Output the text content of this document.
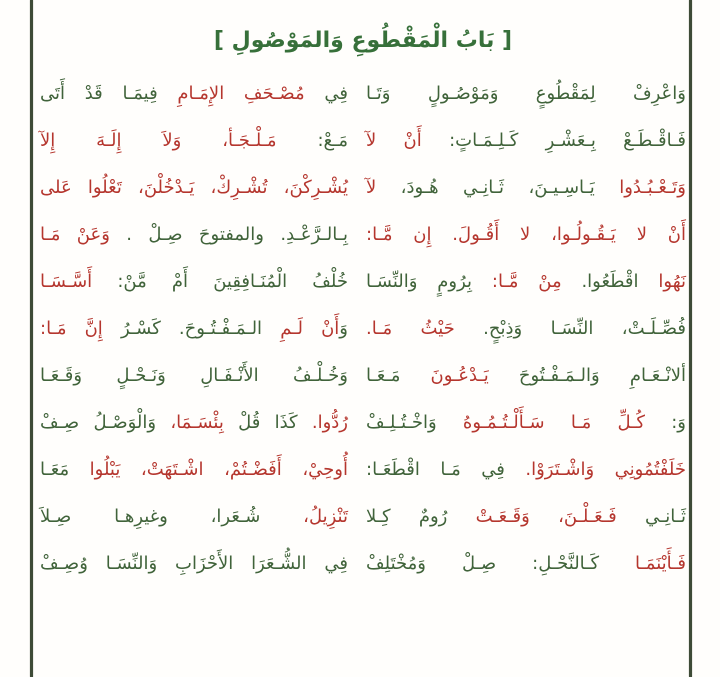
[ بَابُ الْمَقْطُوعِ وَالمَوْصُولِ ]
وَاعْرِفْ لِمَقْطُوعٍ وَمَوْصُـولٍ وَتَـا
فِي مُصْـحَفِ الإِمَـامِ فِيمَـا قَدْ أَتَى
فَـاقْـطَـعْ بِـعَشْـرِ كَـلِـمَـاتٍ: أَنْ لآ
مَـعْ: مَـلْـجَـأ، وَلاَ إِلَـهَ إِلآ
وَتَـعْـبُـدُوا يَـاسِـيـنَ، ثَـانِـي هُـودَ، لآ
يُشْـرِكْنَ، تُشْـرِكْ، يَـدْخُلْنَ، تَعْلُوا عَلى
أَنْ لا يَـقُـولُـوا، لا أَقُـولَ. إِن مَّـا:
بِـالـرَّعْـدِ. والمفتوحَ صِـلْ . وَعَنْ مَـا
نَهُوا اقْطَعُوا. مِنْ مَّـا: بِرُومٍ وَالنِّسَـا
خُلْفُ الْمُنَـافِقِينَ أَمْ مَّنْ: أَسَّـسَـا
فُصِّـلَـتْ، النِّسَـا وَذِبْحٍ. حَيْثُ مَـا.
وَأَنْ لَـمِ الـمَـفْـتُـوحَ. كَسْـرُ إِنَّ مَـا:
ألانْـعَـامِ وَالـمَـفْـتُوحَ يَـدْعُـونَ مَـعَـا
وَخُـلْـفُ الأَنْـفَـالِ وَنَـحْـلٍ وَقَـعَـا
وَ: كُـلِّ مَـا سَـأَلْـتُـمُـوهُ وَاخْـتُـلِـفْ
رُدُّوا. كَذَا قُلْ بِئْسَـمَا، وَالْوَصْـلُ صِـفْ
خَلَفْتُمُونِي وَاشْـتَرَوْا. فِي مَـا اقْطَعَـا:
أُوحِيْ، أَفَضْـتُمْ، اشْـتَهَتْ، يَبْلُوا مَعَـا
ثَـانِـي فَـعَـلْـنَ، وَقَـعَـتْ رُومٌ كِـلا
تَنْزِيلُ، شُـعَرا، وغيرِهـا صِـلاَ
فَـأَيْنَمَـا كَـالنَّحْـلِ: صِـلْ وَمُخْتَلِفْ
فِي الشُّـعَرَا الأَحْزَابِ وَالنِّسَـا وُصِـفْ
